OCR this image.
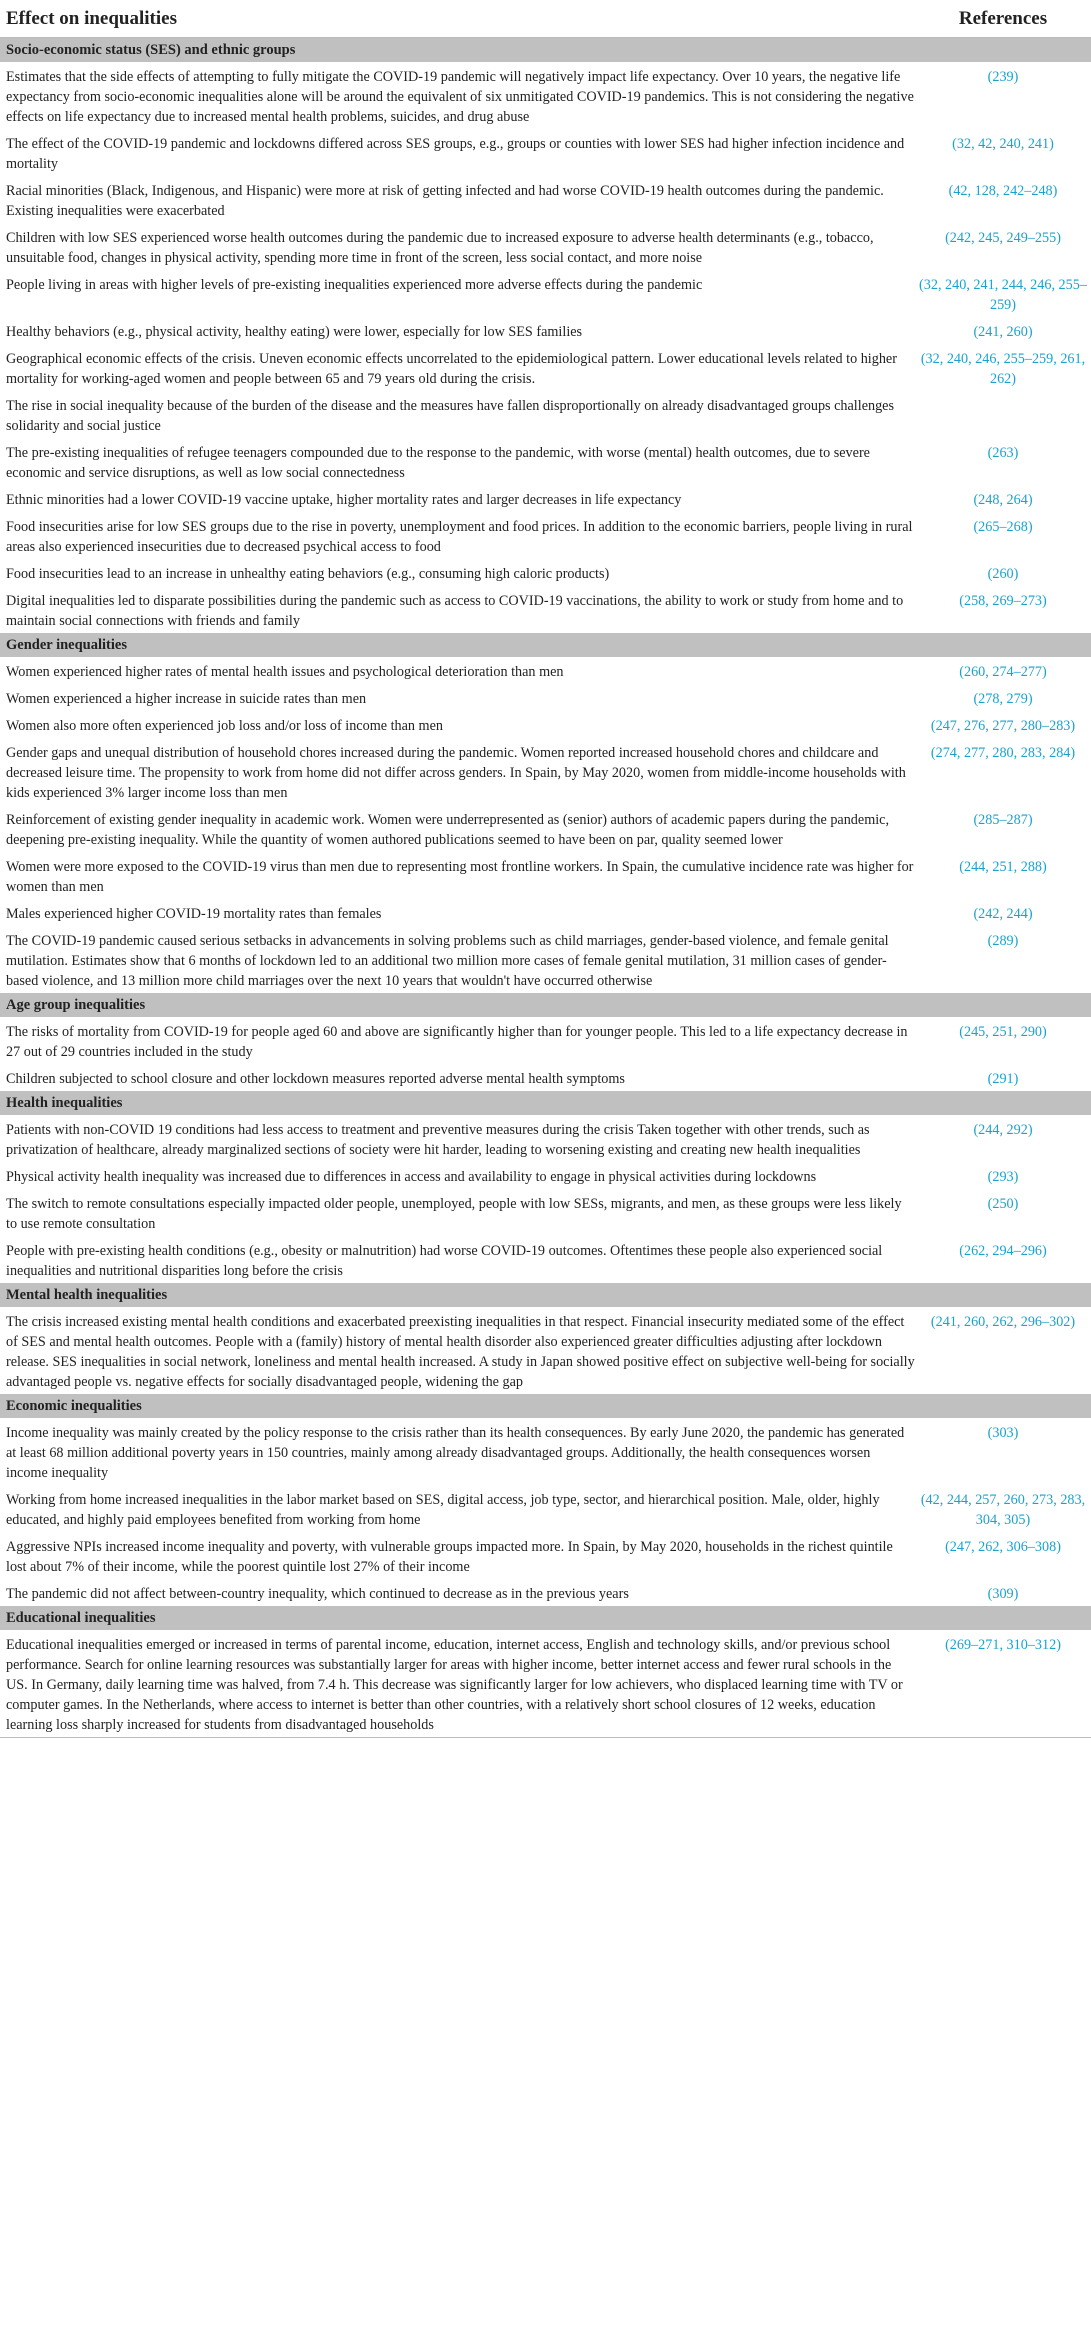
Effect on inequalities	References
Socio-economic status (SES) and ethnic groups	
Estimates that the side effects of attempting to fully mitigate the COVID-19 pandemic will negatively impact life expectancy. Over 10 years, the negative life expectancy from socio-economic inequalities alone will be around the equivalent of six unmitigated COVID-19 pandemics. This is not considering the negative effects on life expectancy due to increased mental health problems, suicides, and drug abuse	(239)
The effect of the COVID-19 pandemic and lockdowns differed across SES groups, e.g., groups or counties with lower SES had higher infection incidence and mortality	(32, 42, 240, 241)
Racial minorities (Black, Indigenous, and Hispanic) were more at risk of getting infected and had worse COVID-19 health outcomes during the pandemic. Existing inequalities were exacerbated	(42, 128, 242–248)
Children with low SES experienced worse health outcomes during the pandemic due to increased exposure to adverse health determinants (e.g., tobacco, unsuitable food, changes in physical activity, spending more time in front of the screen, less social contact, and more noise	(242, 245, 249–255)
People living in areas with higher levels of pre-existing inequalities experienced more adverse effects during the pandemic	(32, 240, 241, 244, 246, 255–259)
Healthy behaviors (e.g., physical activity, healthy eating) were lower, especially for low SES families	(241, 260)
Geographical economic effects of the crisis. Uneven economic effects uncorrelated to the epidemiological pattern. Lower educational levels related to higher mortality for working-aged women and people between 65 and 79 years old during the crisis.	(32, 240, 246, 255–259, 261, 262)
The rise in social inequality because of the burden of the disease and the measures have fallen disproportionally on already disadvantaged groups challenges solidarity and social justice	
The pre-existing inequalities of refugee teenagers compounded due to the response to the pandemic, with worse (mental) health outcomes, due to severe economic and service disruptions, as well as low social connectedness	(263)
Ethnic minorities had a lower COVID-19 vaccine uptake, higher mortality rates and larger decreases in life expectancy	(248, 264)
Food insecurities arise for low SES groups due to the rise in poverty, unemployment and food prices. In addition to the economic barriers, people living in rural areas also experienced insecurities due to decreased psychical access to food	(265–268)
Food insecurities lead to an increase in unhealthy eating behaviors (e.g., consuming high caloric products)	(260)
Digital inequalities led to disparate possibilities during the pandemic such as access to COVID-19 vaccinations, the ability to work or study from home and to maintain social connections with friends and family	(258, 269–273)
Gender inequalities	
Women experienced higher rates of mental health issues and psychological deterioration than men	(260, 274–277)
Women experienced a higher increase in suicide rates than men	(278, 279)
Women also more often experienced job loss and/or loss of income than men	(247, 276, 277, 280–283)
Gender gaps and unequal distribution of household chores increased during the pandemic. Women reported increased household chores and childcare and decreased leisure time. The propensity to work from home did not differ across genders. In Spain, by May 2020, women from middle-income households with kids experienced 3% larger income loss than men	(274, 277, 280, 283, 284)
Reinforcement of existing gender inequality in academic work. Women were underrepresented as (senior) authors of academic papers during the pandemic, deepening pre-existing inequality. While the quantity of women authored publications seemed to have been on par, quality seemed lower	(285–287)
Women were more exposed to the COVID-19 virus than men due to representing most frontline workers. In Spain, the cumulative incidence rate was higher for women than men	(244, 251, 288)
Males experienced higher COVID-19 mortality rates than females	(242, 244)
The COVID-19 pandemic caused serious setbacks in advancements in solving problems such as child marriages, gender-based violence, and female genital mutilation. Estimates show that 6 months of lockdown led to an additional two million more cases of female genital mutilation, 31 million cases of gender-based violence, and 13 million more child marriages over the next 10 years that wouldn't have occurred otherwise	(289)
Age group inequalities	
The risks of mortality from COVID-19 for people aged 60 and above are significantly higher than for younger people. This led to a life expectancy decrease in 27 out of 29 countries included in the study	(245, 251, 290)
Children subjected to school closure and other lockdown measures reported adverse mental health symptoms	(291)
Health inequalities	
Patients with non-COVID 19 conditions had less access to treatment and preventive measures during the crisis Taken together with other trends, such as privatization of healthcare, already marginalized sections of society were hit harder, leading to worsening existing and creating new health inequalities	(244, 292)
Physical activity health inequality was increased due to differences in access and availability to engage in physical activities during lockdowns	(293)
The switch to remote consultations especially impacted older people, unemployed, people with low SESs, migrants, and men, as these groups were less likely to use remote consultation	(250)
People with pre-existing health conditions (e.g., obesity or malnutrition) had worse COVID-19 outcomes. Oftentimes these people also experienced social inequalities and nutritional disparities long before the crisis	(262, 294–296)
Mental health inequalities	
The crisis increased existing mental health conditions and exacerbated preexisting inequalities in that respect. Financial insecurity mediated some of the effect of SES and mental health outcomes. People with a (family) history of mental health disorder also experienced greater difficulties adjusting after lockdown release. SES inequalities in social network, loneliness and mental health increased. A study in Japan showed positive effect on subjective well-being for socially advantaged people vs. negative effects for socially disadvantaged people, widening the gap	(241, 260, 262, 296–302)
Economic inequalities	
Income inequality was mainly created by the policy response to the crisis rather than its health consequences. By early June 2020, the pandemic has generated at least 68 million additional poverty years in 150 countries, mainly among already disadvantaged groups. Additionally, the health consequences worsen income inequality	(303)
Working from home increased inequalities in the labor market based on SES, digital access, job type, sector, and hierarchical position. Male, older, highly educated, and highly paid employees benefited from working from home	(42, 244, 257, 260, 273, 283, 304, 305)
Aggressive NPIs increased income inequality and poverty, with vulnerable groups impacted more. In Spain, by May 2020, households in the richest quintile lost about 7% of their income, while the poorest quintile lost 27% of their income	(247, 262, 306–308)
The pandemic did not affect between-country inequality, which continued to decrease as in the previous years	(309)
Educational inequalities	
Educational inequalities emerged or increased in terms of parental income, education, internet access, English and technology skills, and/or previous school performance. Search for online learning resources was substantially larger for areas with higher income, better internet access and fewer rural schools in the US. In Germany, daily learning time was halved, from 7.4 h. This decrease was significantly larger for low achievers, who displaced learning time with TV or computer games. In the Netherlands, where access to internet is better than other countries, with a relatively short school closures of 12 weeks, education learning loss sharply increased for students from disadvantaged households	(269–271, 310–312)
